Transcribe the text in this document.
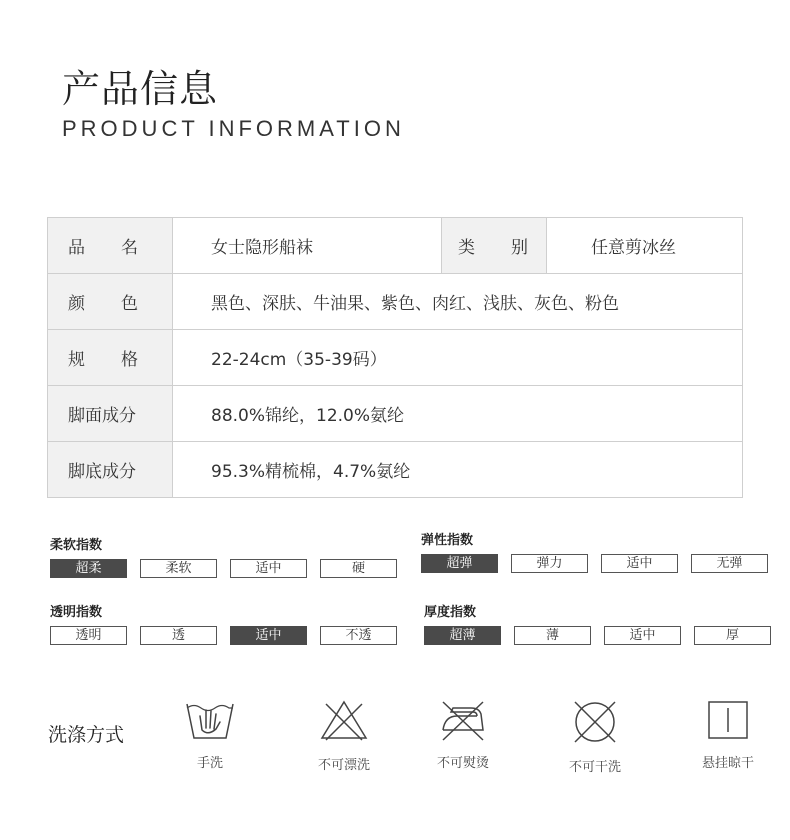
产品信息
PRODUCT INFORMATION
品 名	女士隐形船袜	类 别	任意剪冰丝

颜 色	黑色、深肤、牛油果、紫色、肉红、浅肤、灰色、粉色		

规 格	22-24cm（35-39码）		
脚面成分	88.0%锦纶，12.0%氨纶		
脚底成分	95.3%精梳棉，4.7%氨纶		
柔软指数
超柔	柔软	适中	硬
弹性指数
超弹	弹力	适中	无弹
透明指数
透明	透	适中	不透
厚度指数
超薄	薄	适中	厚
洗涤方式
手洗	不可漂洗	不可熨烫	不可干洗	悬挂晾干
